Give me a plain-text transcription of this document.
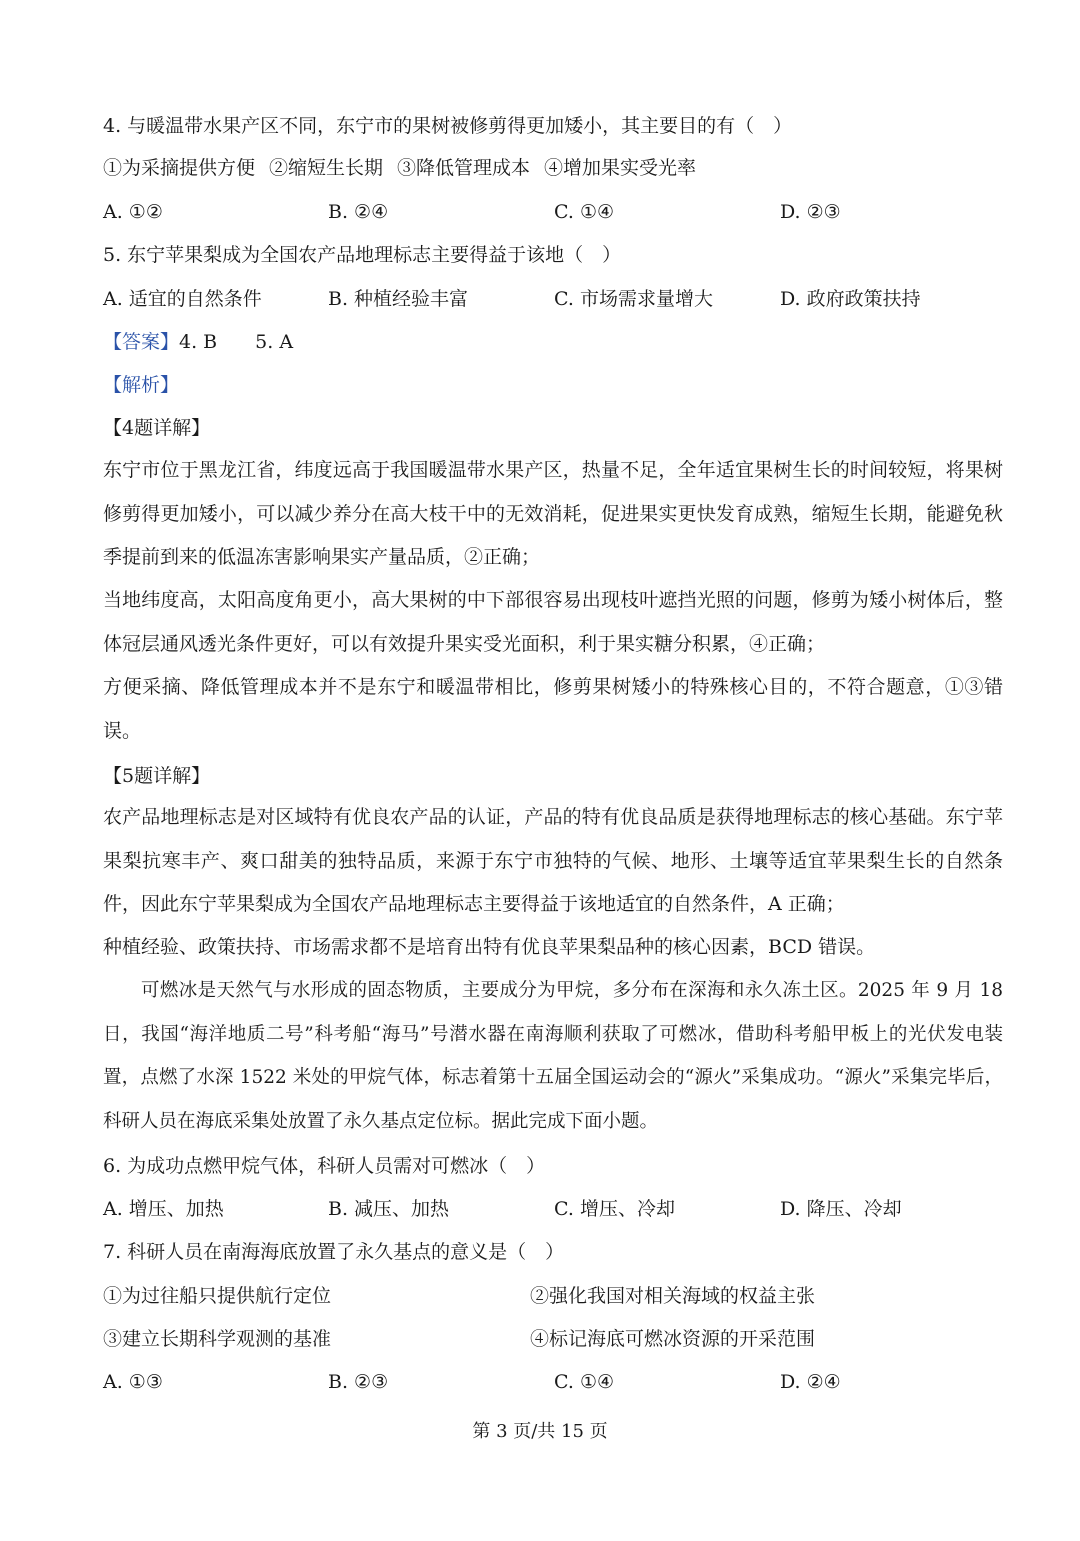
4. 与暖温带水果产区不同，东宁市的果树被修剪得更加矮小，其主要目的有（　）
①为采摘提供方便 ②缩短生长期 ③降低管理成本 ④增加果实受光率
A. ①②	B. ②④	C. ①④	D. ②③
5. 东宁苹果梨成为全国农产品地理标志主要得益于该地（　）
A. 适宜的自然条件	B. 种植经验丰富	C. 市场需求量增大	D. 政府政策扶持
【答案】4. B　　5. A
【解析】
【4题详解】
东宁市位于黑龙江省，纬度远高于我国暖温带水果产区，热量不足，全年适宜果树生长的时间较短，将果树修剪得更加矮小，可以减少养分在高大枝干中的无效消耗，促进果实更快发育成熟，缩短生长期，能避免秋季提前到来的低温冻害影响果实产量品质，②正确；
当地纬度高，太阳高度角更小，高大果树的中下部很容易出现枝叶遮挡光照的问题，修剪为矮小树体后，整体冠层通风透光条件更好，可以有效提升果实受光面积，利于果实糖分积累，④正确；
方便采摘、降低管理成本并不是东宁和暖温带相比，修剪果树矮小的特殊核心目的，不符合题意，①③错误。
【5题详解】
农产品地理标志是对区域特有优良农产品的认证，产品的特有优良品质是获得地理标志的核心基础。东宁苹果梨抗寒丰产、爽口甜美的独特品质，来源于东宁市独特的气候、地形、土壤等适宜苹果梨生长的自然条件，因此东宁苹果梨成为全国农产品地理标志主要得益于该地适宜的自然条件，A 正确；
种植经验、政策扶持、市场需求都不是培育出特有优良苹果梨品种的核心因素，BCD 错误。
可燃冰是天然气与水形成的固态物质，主要成分为甲烷，多分布在深海和永久冻土区。2025 年 9 月 18 日，我国“海洋地质二号”科考船“海马”号潜水器在南海顺利获取了可燃冰，借助科考船甲板上的光伏发电装置，点燃了水深 1522 米处的甲烷气体，标志着第十五届全国运动会的“源火”采集成功。“源火”采集完毕后，科研人员在海底采集处放置了永久基点定位标。据此完成下面小题。
6. 为成功点燃甲烷气体，科研人员需对可燃冰（　）
A. 增压、加热	B. 减压、加热	C. 增压、冷却	D. 降压、冷却
7. 科研人员在南海海底放置了永久基点的意义是（　）
①为过往船只提供航行定位	②强化我国对相关海域的权益主张
③建立长期科学观测的基准	④标记海底可燃冰资源的开采范围
A. ①③	B. ②③	C. ①④	D. ②④
第 3 页/共 15 页
